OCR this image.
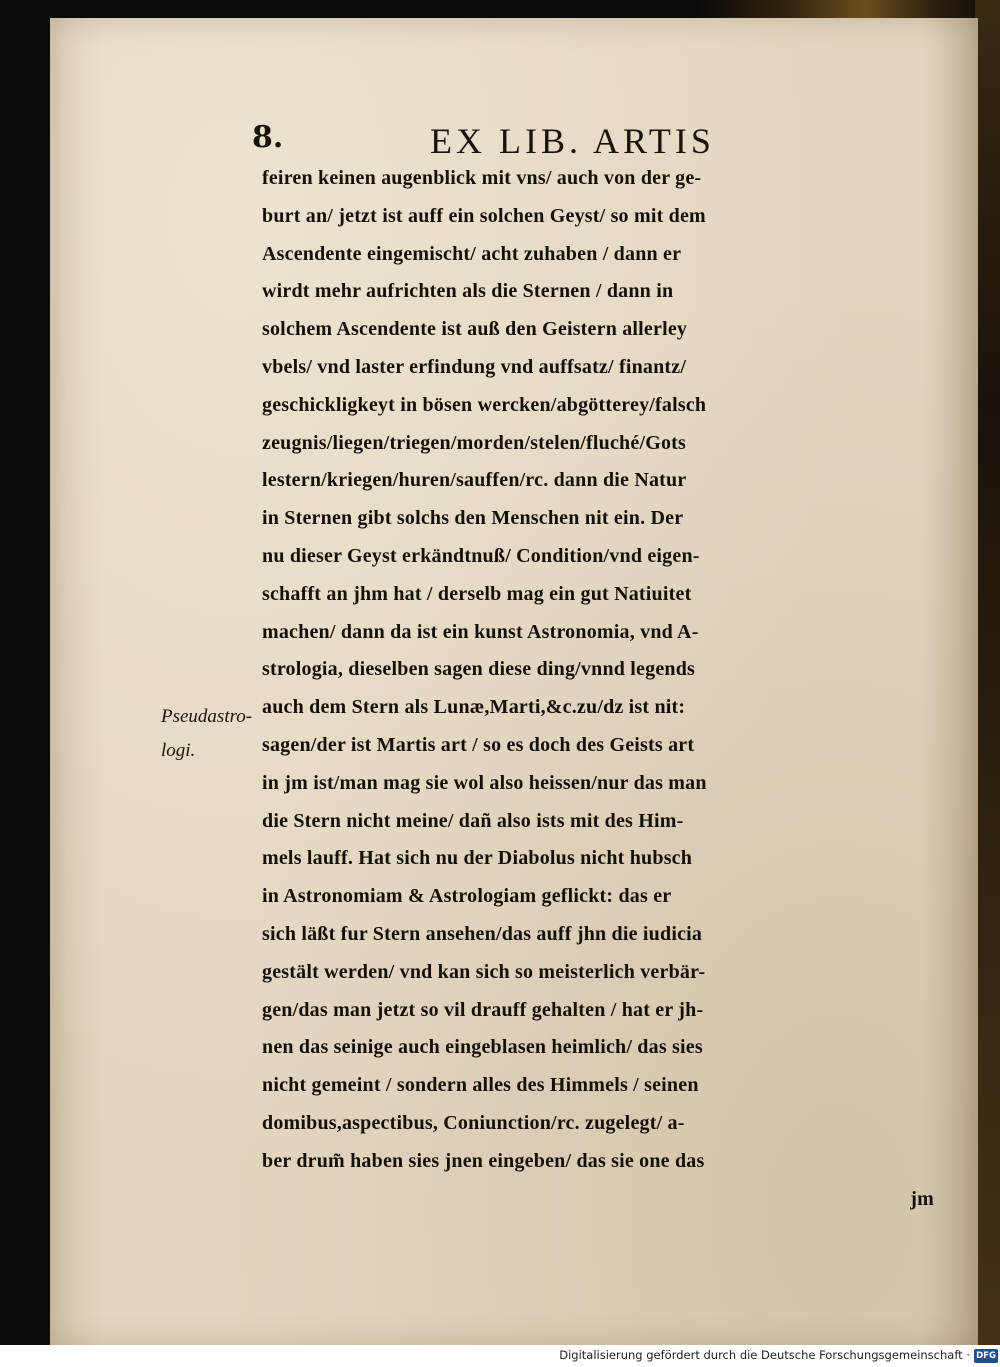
8.	EX LIB. ARTIS
feiren keinen augenblick mit vns/ auch von der ge-
burt an/ jetzt ist auff ein solchen Geyst/ so mit dem
Ascendente eingemischt/ acht zuhaben / dann er
wirdt mehr aufrichten als die Sternen / dann in
solchem Ascendente ist auß den Geistern allerley
vbels/ vnd laster erfindung vnd auffsatz/ finantz/
geschickligkeyt in bösen wercken/abgötterey/falsch
zeugnis/liegen/triegen/morden/stelen/fluché/Gots
lestern/kriegen/huren/sauffen/rc. dann die Natur
in Sternen gibt solchs den Menschen nit ein. Der
nu dieser Geyst erkändtnuß/ Condition/vnd eigen-
schafft an jhm hat / derselb mag ein gut Natiuitet
machen/ dann da ist ein kunst Astronomia, vnd A-
strologia, dieselben sagen diese ding/vnnd legends
auch dem Stern als Lunæ,Marti,&c.zu/dz ist nit:
sagen/der ist Martis art / so es doch des Geists art
in jm ist/man mag sie wol also heissen/nur das man
die Stern nicht meine/ dañ also ists mit des Him-
mels lauff. Hat sich nu der Diabolus nicht hubsch
in Astronomiam & Astrologiam geflickt: das er
sich läßt fur Stern ansehen/das auff jhn die iudicia
gestält werden/ vnd kan sich so meisterlich verbär-
gen/das man jetzt so vil drauff gehalten / hat er jh-
nen das seinige auch eingeblasen heimlich/ das sies
nicht gemeint / sondern alles des Himmels / seinen
domibus,aspectibus, Coniunction/rc. zugelegt/ a-
ber drum̃ haben sies jnen eingeben/ das sie one das
jm
Pseudastro-
logi.
Digitalisierung gefördert durch die Deutsche Forschungsgemeinschaft · DFG
